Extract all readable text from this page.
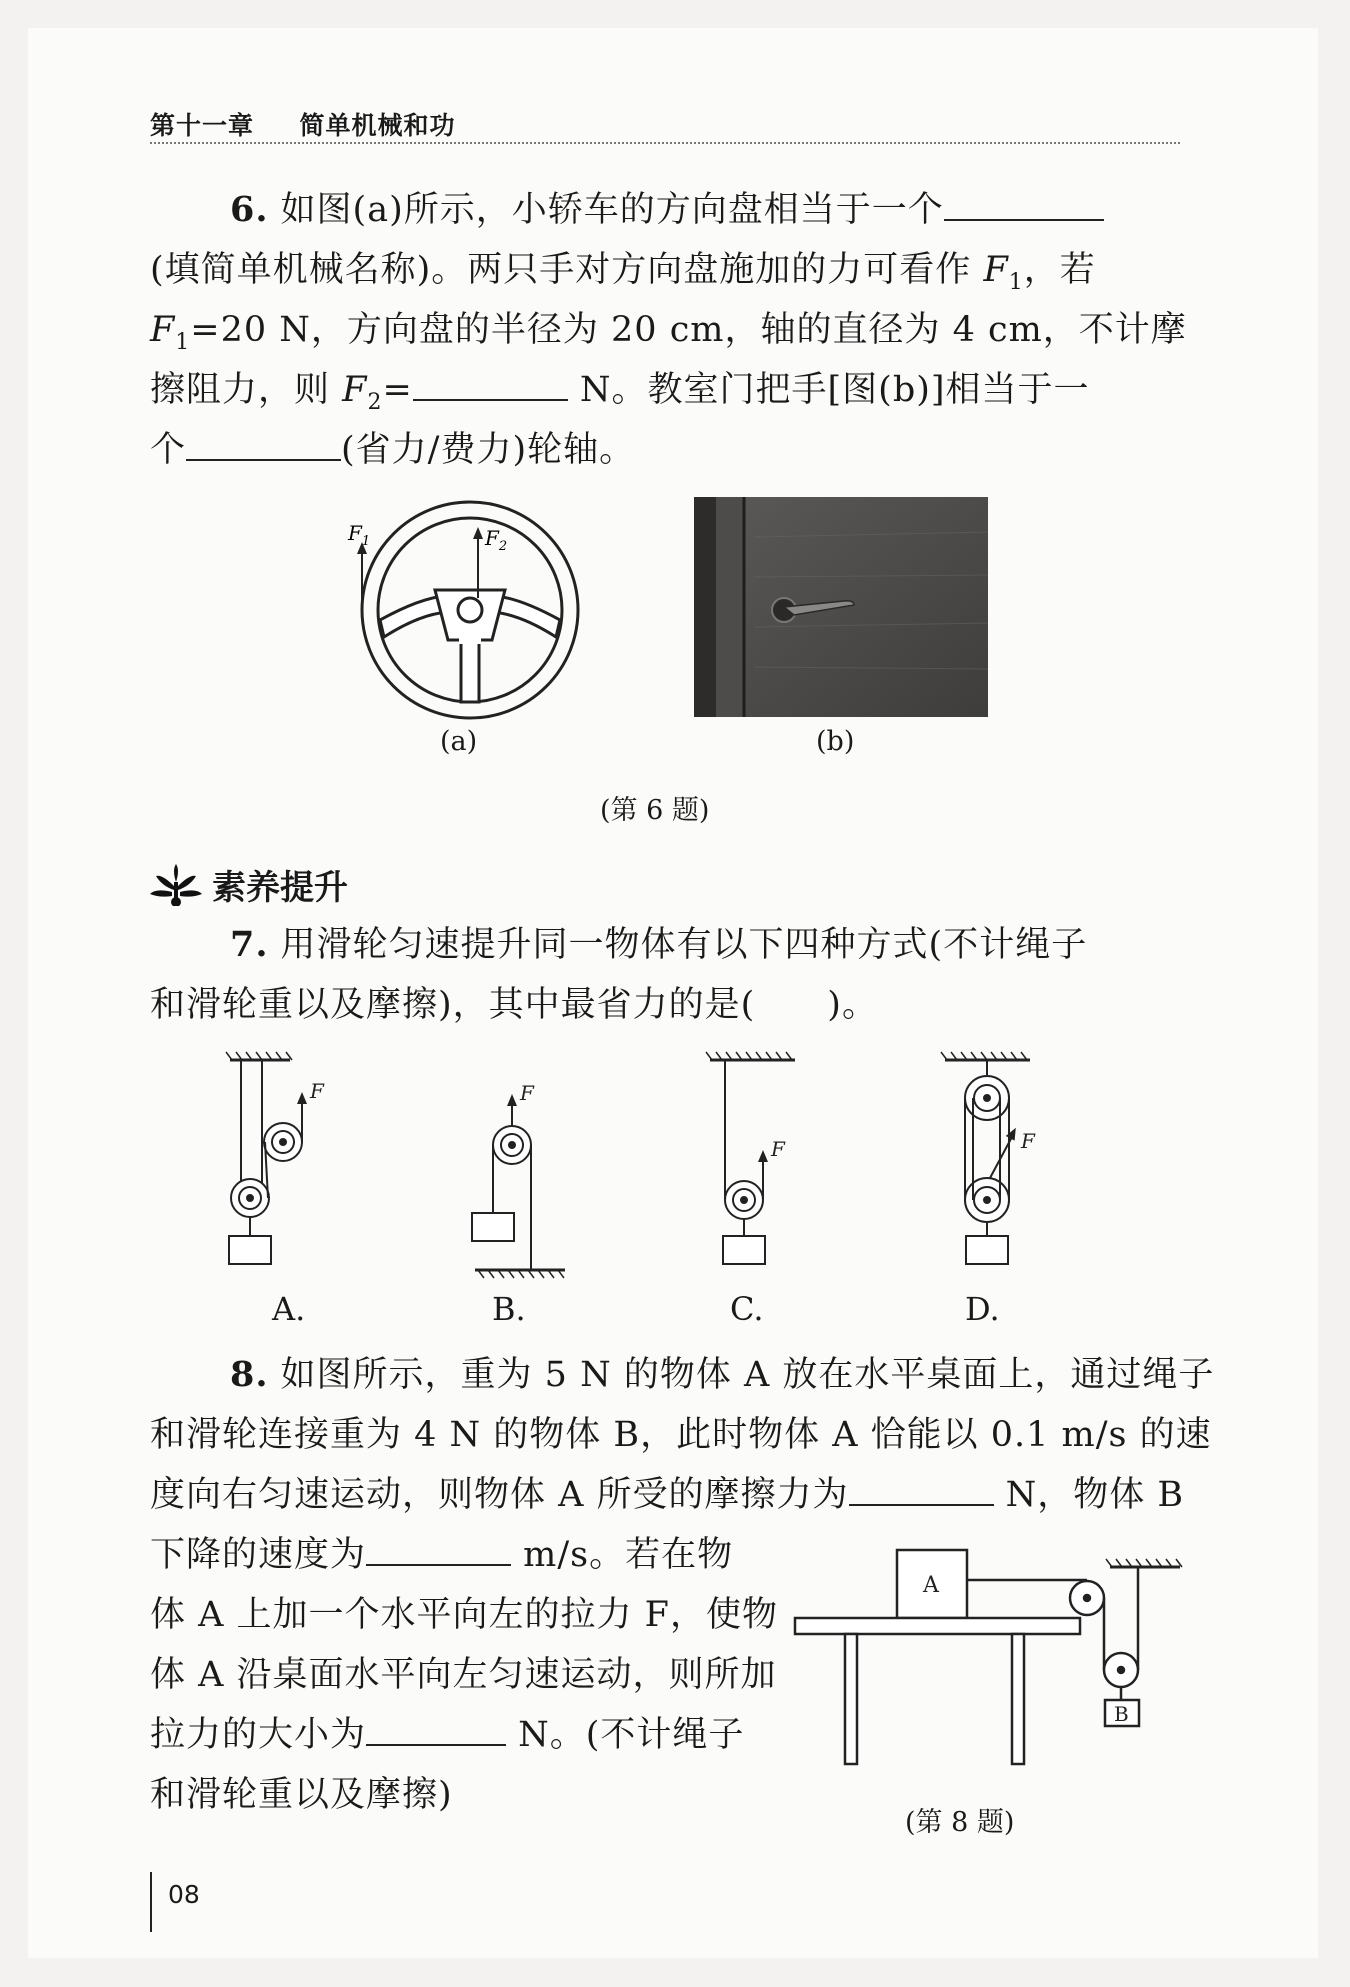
第十一章 简单机械和功
6. 如图(a)所示，小轿车的方向盘相当于一个
(填简单机械名称)。两只手对方向盘施加的力可看作 $F_1$，若
$F_1=20$ N，方向盘的半径为 20 cm，轴的直径为 4 cm，不计摩
擦阻力，则 $F_2=$	N。教室门把手[图(b)]相当于一
个	(省力/费力)轮轴。
$F_1$	$F_2$
(a)	(b)
(第 6 题)
素养提升
7. 用滑轮匀速提升同一物体有以下四种方式(不计绳子
和滑轮重以及摩擦)，其中最省力的是(　　)。
F	F
F	F
A.	B.	C.	D.
8. 如图所示，重为 5 N 的物体 A 放在水平桌面上，通过绳子
和滑轮连接重为 4 N 的物体 B，此时物体 A 恰能以 0.1 m/s 的速
度向右匀速运动，则物体 A 所受的摩擦力为	N，物体 B
下降的速度为	m/s。若在物
体 A 上加一个水平向左的拉力 F，使物
体 A 沿桌面水平向左匀速运动，则所加
拉力的大小为	N。(不计绳子
和滑轮重以及摩擦)
A
B
(第 8 题)
08
